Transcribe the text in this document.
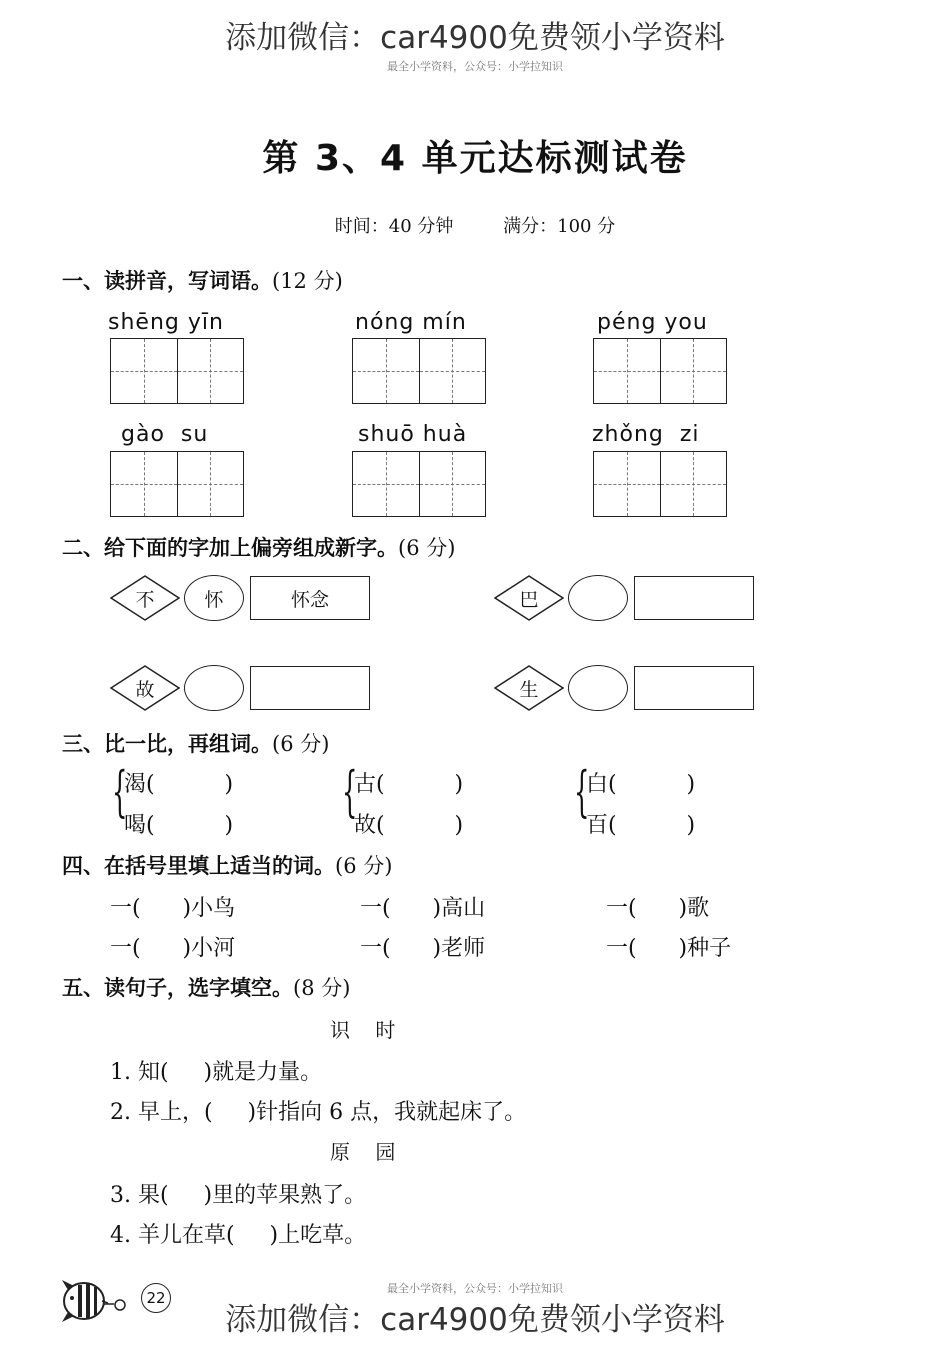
添加微信：car4900免费领小学资料
最全小学资料，公众号：小学拉知识
第 3、4 单元达标测试卷
时间：40 分钟	满分：100 分
一、读拼音，写词语。(12 分)
shēng yīn	nóng mín	péng you
gào  su	shuō huà	zhǒng  zi
二、给下面的字加上偏旁组成新字。(6 分)
不	怀	怀念	巴
故	生
三、比一比，再组词。(6 分)
{
渴(          )
喝(          )
{
古(          )
故(          )
{
白(          )
百(          )
四、在括号里填上适当的词。(6 分)
一(      )小鸟	一(      )高山	一(      )歌
一(      )小河	一(      )老师	一(      )种子
五、读句子，选字填空。(8 分)
识    时
1. 知(     )就是力量。
2. 早上，(     )针指向 6 点，我就起床了。
原    园
3. 果(     )里的苹果熟了。
4. 羊儿在草(     )上吃草。
最全小学资料，公众号：小学拉知识
22
添加微信：car4900免费领小学资料
